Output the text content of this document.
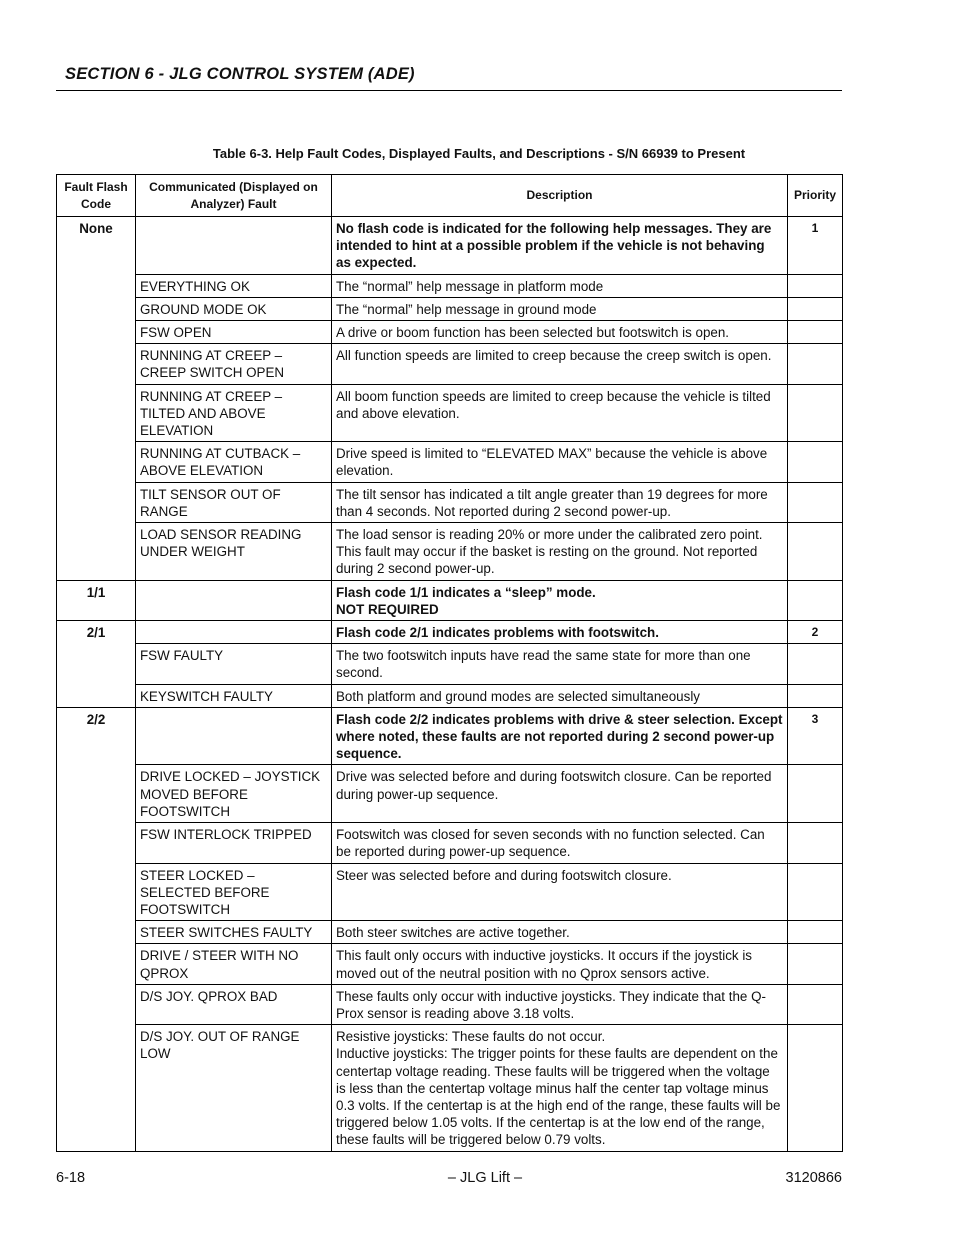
SECTION 6 - JLG CONTROL SYSTEM (ADE)
Table 6-3. Help Fault Codes, Displayed Faults, and Descriptions - S/N 66939 to Present
Fault Flash Code	Communicated (Displayed on Analyzer) Fault	Description	Priority
None		No flash code is indicated for the following help messages. They are intended to hint at a possible problem if the vehicle is not behaving as expected.	1
	EVERYTHING OK	The “normal” help message in platform mode	
	GROUND MODE OK	The “normal” help message in ground mode	
	FSW OPEN	A drive or boom function has been selected but footswitch is open.	
	RUNNING AT CREEP – CREEP SWITCH OPEN	All function speeds are limited to creep because the creep switch is open.	
	RUNNING AT CREEP – TILTED AND ABOVE ELEVATION	All boom function speeds are limited to creep because the vehicle is tilted and above elevation.	
	RUNNING AT CUTBACK – ABOVE ELEVATION	Drive speed is limited to “ELEVATED MAX” because the vehicle is above elevation.	
	TILT SENSOR OUT OF RANGE	The tilt sensor has indicated a tilt angle greater than 19 degrees for more than 4 seconds. Not reported during 2 second power-up.	
	LOAD SENSOR READING UNDER WEIGHT	The load sensor is reading 20% or more under the calibrated zero point. This fault may occur if the basket is resting on the ground. Not reported during 2 second power-up.	
1/1		Flash code 1/1 indicates a “sleep” mode.
NOT REQUIRED	
2/1		Flash code 2/1 indicates problems with footswitch.	2
	FSW FAULTY	The two footswitch inputs have read the same state for more than one second.	
	KEYSWITCH FAULTY	Both platform and ground modes are selected simultaneously	
2/2		Flash code 2/2 indicates problems with drive & steer selection. Except where noted, these faults are not reported during 2 second power-up sequence.	3
	DRIVE LOCKED – JOYSTICK MOVED BEFORE FOOTSWITCH	Drive was selected before and during footswitch closure. Can be reported during power-up sequence.	
	FSW INTERLOCK TRIPPED	Footswitch was closed for seven seconds with no function selected. Can be reported during power-up sequence.	
	STEER LOCKED – SELECTED BEFORE FOOTSWITCH	Steer was selected before and during footswitch closure.	
	STEER SWITCHES FAULTY	Both steer switches are active together.	
	DRIVE / STEER WITH NO QPROX	This fault only occurs with inductive joysticks. It occurs if the joystick is moved out of the neutral position with no Qprox sensors active.	
	D/S JOY. QPROX BAD	These faults only occur with inductive joysticks. They indicate that the Q-Prox sensor is reading above 3.18 volts.	
	D/S JOY. OUT OF RANGE LOW	Resistive joysticks: These faults do not occur.
Inductive joysticks: The trigger points for these faults are dependent on the centertap voltage reading. These faults will be triggered when the voltage is less than the centertap voltage minus half the center tap voltage minus 0.3 volts. If the centertap is at the high end of the range, these faults will be triggered below 1.05 volts. If the centertap is at the low end of the range, these faults will be triggered below 0.79 volts.	
6-18	– JLG Lift –	3120866
